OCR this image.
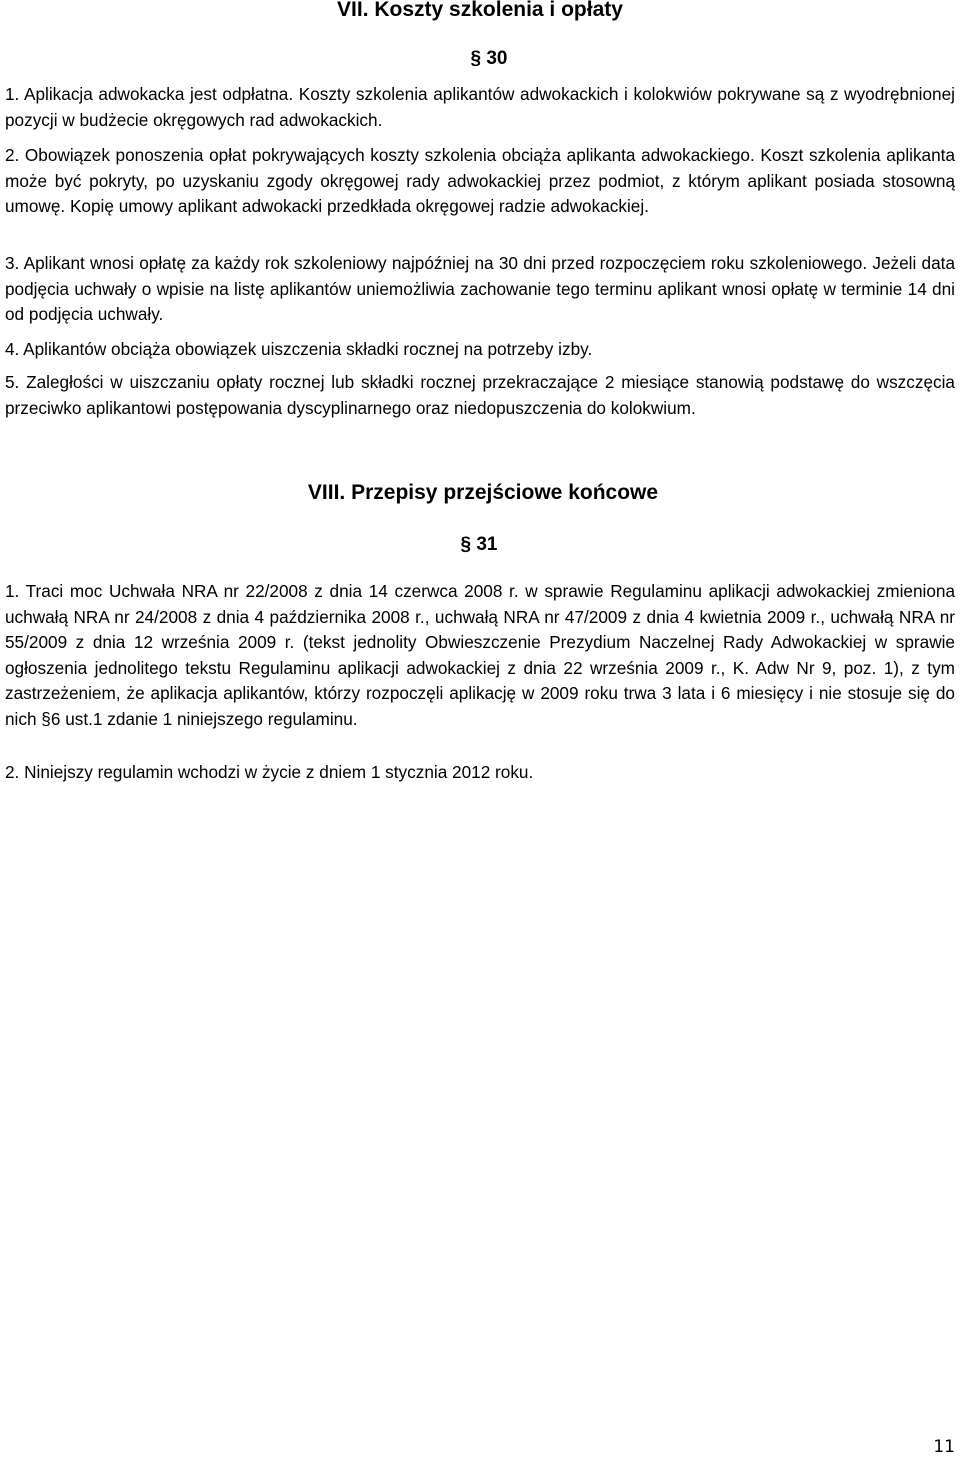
VII. Koszty szkolenia i opłaty
§ 30

1. Aplikacja adwokacka jest odpłatna. Koszty szkolenia aplikantów adwokackich i kolokwiów pokrywane są z wyodrębnionej pozycji w budżecie okręgowych rad adwokackich.

2. Obowiązek ponoszenia opłat pokrywających koszty szkolenia obciąża aplikanta adwokackiego. Koszt szkolenia aplikanta może być pokryty, po uzyskaniu zgody okręgowej rady adwokackiej przez podmiot, z którym aplikant posiada stosowną umowę. Kopię umowy aplikant adwokacki przedkłada okręgowej radzie adwokackiej.

3. Aplikant wnosi opłatę za każdy rok szkoleniowy najpóźniej na 30 dni przed rozpoczęciem roku szkoleniowego. Jeżeli data podjęcia uchwały o wpisie na listę aplikantów uniemożliwia zachowanie tego terminu aplikant wnosi opłatę w terminie 14 dni od podjęcia uchwały.

4. Aplikantów obciąża obowiązek uiszczenia składki rocznej na potrzeby izby.

5. Zaległości w uiszczaniu opłaty rocznej lub składki rocznej przekraczające 2 miesiące stanowią podstawę do wszczęcia przeciwko aplikantowi postępowania dyscyplinarnego oraz niedopuszczenia do kolokwium.

VIII. Przepisy przejściowe końcowe
§ 31

1. Traci moc Uchwała NRA nr 22/2008 z dnia 14 czerwca 2008 r. w sprawie Regulaminu aplikacji adwokackiej zmieniona uchwałą NRA nr 24/2008 z dnia 4 października 2008 r., uchwałą NRA nr 47/2009 z dnia 4 kwietnia 2009 r., uchwałą NRA nr 55/2009 z dnia 12 września 2009 r. (tekst jednolity Obwieszczenie Prezydium Naczelnej Rady Adwokackiej w sprawie ogłoszenia jednolitego tekstu Regulaminu aplikacji adwokackiej z dnia 22 września 2009 r., K. Adw Nr 9, poz. 1), z tym zastrzeżeniem, że aplikacja aplikantów, którzy rozpoczęli aplikację w 2009 roku trwa 3 lata i 6 miesięcy i nie stosuje się do nich §6 ust.1 zdanie 1 niniejszego regulaminu.

2. Niniejszy regulamin wchodzi w życie z dniem 1 stycznia 2012 roku.

11
